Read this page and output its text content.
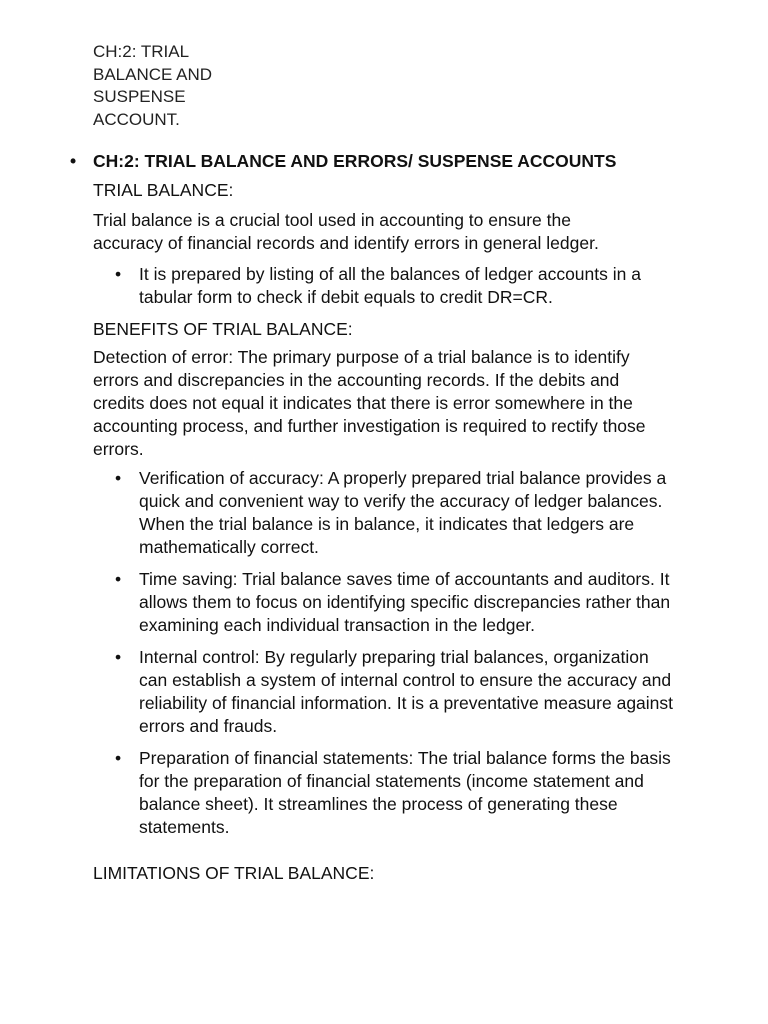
CH:2: TRIAL
BALANCE AND
SUSPENSE
ACCOUNT.
• CH:2: TRIAL BALANCE AND ERRORS/ SUSPENSE ACCOUNTS

TRIAL BALANCE:

Trial balance is a crucial tool used in accounting to ensure the accuracy of financial records and identify errors in general ledger.

• It is prepared by listing of all the balances of ledger accounts in a tabular form to check if debit equals to credit DR=CR.

BENEFITS OF TRIAL BALANCE:

Detection of error: The primary purpose of a trial balance is to identify errors and discrepancies in the accounting records. If the debits and credits does not equal it indicates that there is error somewhere in the accounting process, and further investigation is required to rectify those errors.

• Verification of accuracy: A properly prepared trial balance provides a quick and convenient way to verify the accuracy of ledger balances. When the trial balance is in balance, it indicates that ledgers are mathematically correct.
• Time saving: Trial balance saves time of accountants and auditors. It allows them to focus on identifying specific discrepancies rather than examining each individual transaction in the ledger.
• Internal control: By regularly preparing trial balances, organization can establish a system of internal control to ensure the accuracy and reliability of financial information. It is a preventative measure against errors and frauds.
• Preparation of financial statements: The trial balance forms the basis for the preparation of financial statements (income statement and balance sheet). It streamlines the process of generating these statements.

LIMITATIONS OF TRIAL BALANCE:
